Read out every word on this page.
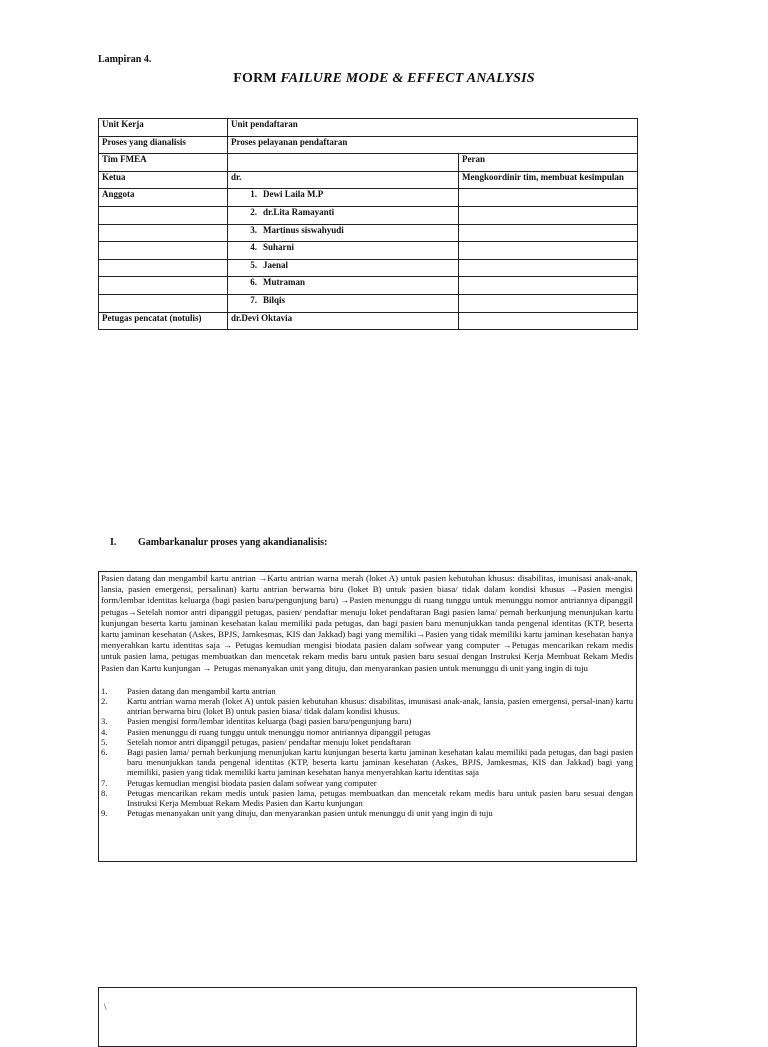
Lampiran 4.
FORM FAILURE MODE & EFFECT ANALYSIS
Unit Kerja	Unit pendaftaran	
Proses yang dianalisis	Proses pelayanan pendaftaran	
Tim FMEA		Peran
Ketua	dr.	Mengkoordinir tim, membuat kesimpulan
Anggota	1. Dewi Laila M.P	
	2. dr.Lita Ramayanti	
	3. Martinus siswahyudi	
	4. Suharni	
	5. Jaenal	
	6. Mutraman	
	7. Bilqis	
Petugas pencatat (notulis)	dr.Devi Oktavia	
I. Gambarkanalur proses yang akandianalisis:

Pasien datang dan mengambil kartu antrian →Kartu antrian warna merah (loket A) untuk pasien kebutuhan khusus: disabilitas, imunisasi anak-anak, lansia, pasien emergensi, persalinan) kartu antrian berwarna biru (loket B) untuk pasien biasa/ tidak dalam kondisi khusus →Pasien mengisi form/lembar identitas keluarga (bagi pasien baru/pengunjung baru) →Pasien menunggu di ruang tunggu untuk menunggu nomor antriannya dipanggil petugas→Setelah nomor antri dipanggil petugas, pasien/ pendaftar menuju loket pendaftaran Bagi pasien lama/ pernah berkunjung menunjukan kartu kunjungan beserta kartu jaminan kesehatan kalau memiliki pada petugas, dan bagi pasien baru menunjukkan tanda pengenal identitas (KTP, beserta kartu jaminan kesehatan (Askes, BPJS, Jamkesmas, KIS dan Jakkad) bagi yang memiliki→Pasien yang tidak memiliki kartu jaminan kesehatan hanya menyerahkan kartu identitas saja → Petugas kemudian mengisi biodata pasien dalam sofwear yang computer →Petugas mencarikan rekam medis untuk pasien lama, petugas membuatkan dan mencetak rekam medis baru untuk pasien baru sesuai dengan Instruksi Kerja Membuat Rekam Medis Pasien dan Kartu kunjungan → Petugas menanyakan unit yang dituju, dan menyarankan pasien untuk menunggu di unit yang ingin di tuju

1.	Pasien datang dan mengambil kartu antrian
2.	Kartu antrian warna merah (loket A) untuk pasien kebutuhan khusus: disabilitas, imunisasi anak-anak, lansia, pasien emergensi, persal-inan) kartu antrian berwarna biru (loket B) untuk pasien biasa/ tidak dalam kondisi khusus.
3.	Pasien mengisi form/lembar identitas keluarga (bagi pasien baru/pengunjung baru)
4.	Pasien menunggu di ruang tunggu untuk menunggu nomor antriannya dipanggil petugas
5.	Setelah nomor antri dipanggil petugas, pasien/ pendaftar menuju loket pendaftaran
6.	Bagi pasien lama/ pernah berkunjung menunjukan kartu kunjungan beserta kartu jaminan kesehatan kalau memiliki pada petugas, dan bagi pasien baru menunjukkan tanda pengenal identitas (KTP, beserta kartu jaminan kesehatan (Askes, BPJS, Jamkesmas, KIS dan Jakkad) bagi yang memiliki, pasien yang tidak memiliki kartu jaminan kesehatan hanya menyerahkan kartu identitas saja
7.	Petugas kemudian mengisi biodata pasien dalam sofwear yang computer
8.	Petugas mencarikan rekam medis untuk pasien lama, petugas membuatkan dan mencetak rekam medis baru untuk pasien baru sesuai dengan Instruksi Kerja Membuat Rekam Medis Pasien dan Kartu kunjungan
9.	Petugas menanyakan unit yang dituju, dan menyarankan pasien untuk menunggu di unit yang ingin di tuju
\
